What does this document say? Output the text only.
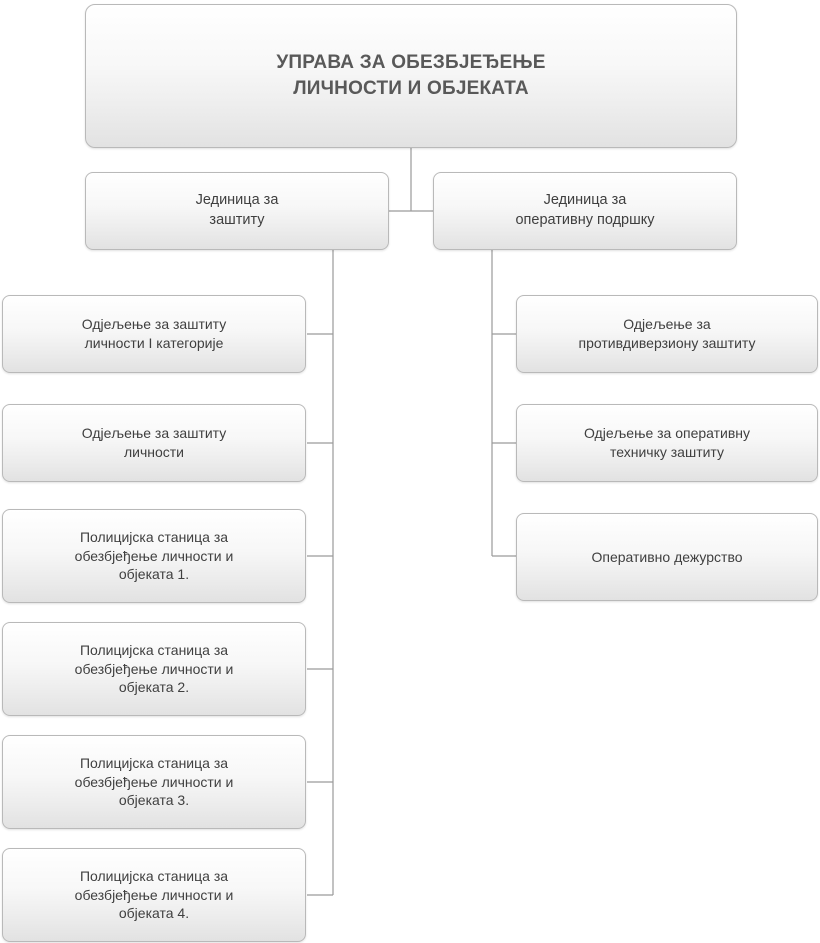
УПРАВА ЗА ОБЕЗБЈЕЂЕЊЕ
ЛИЧНОСТИ И ОБЈЕКАТА
Јединица за
заштиту
Јединица за
оперативну подршку
Одјељење за заштиту
личности I категорије
Одјељење за заштиту
личности
Полицијска станица за
обезбјеђење личности и
објеката 1.
Полицијска станица за
обезбјеђење личности и
објеката 2.
Полицијска станица за
обезбјеђење личности и
објеката 3.
Полицијска станица за
обезбјеђење личности и
објеката 4.
Одјељење за
противдиверзиону заштиту
Одјељење за оперативну
техничку заштиту
Оперативно дежурство
